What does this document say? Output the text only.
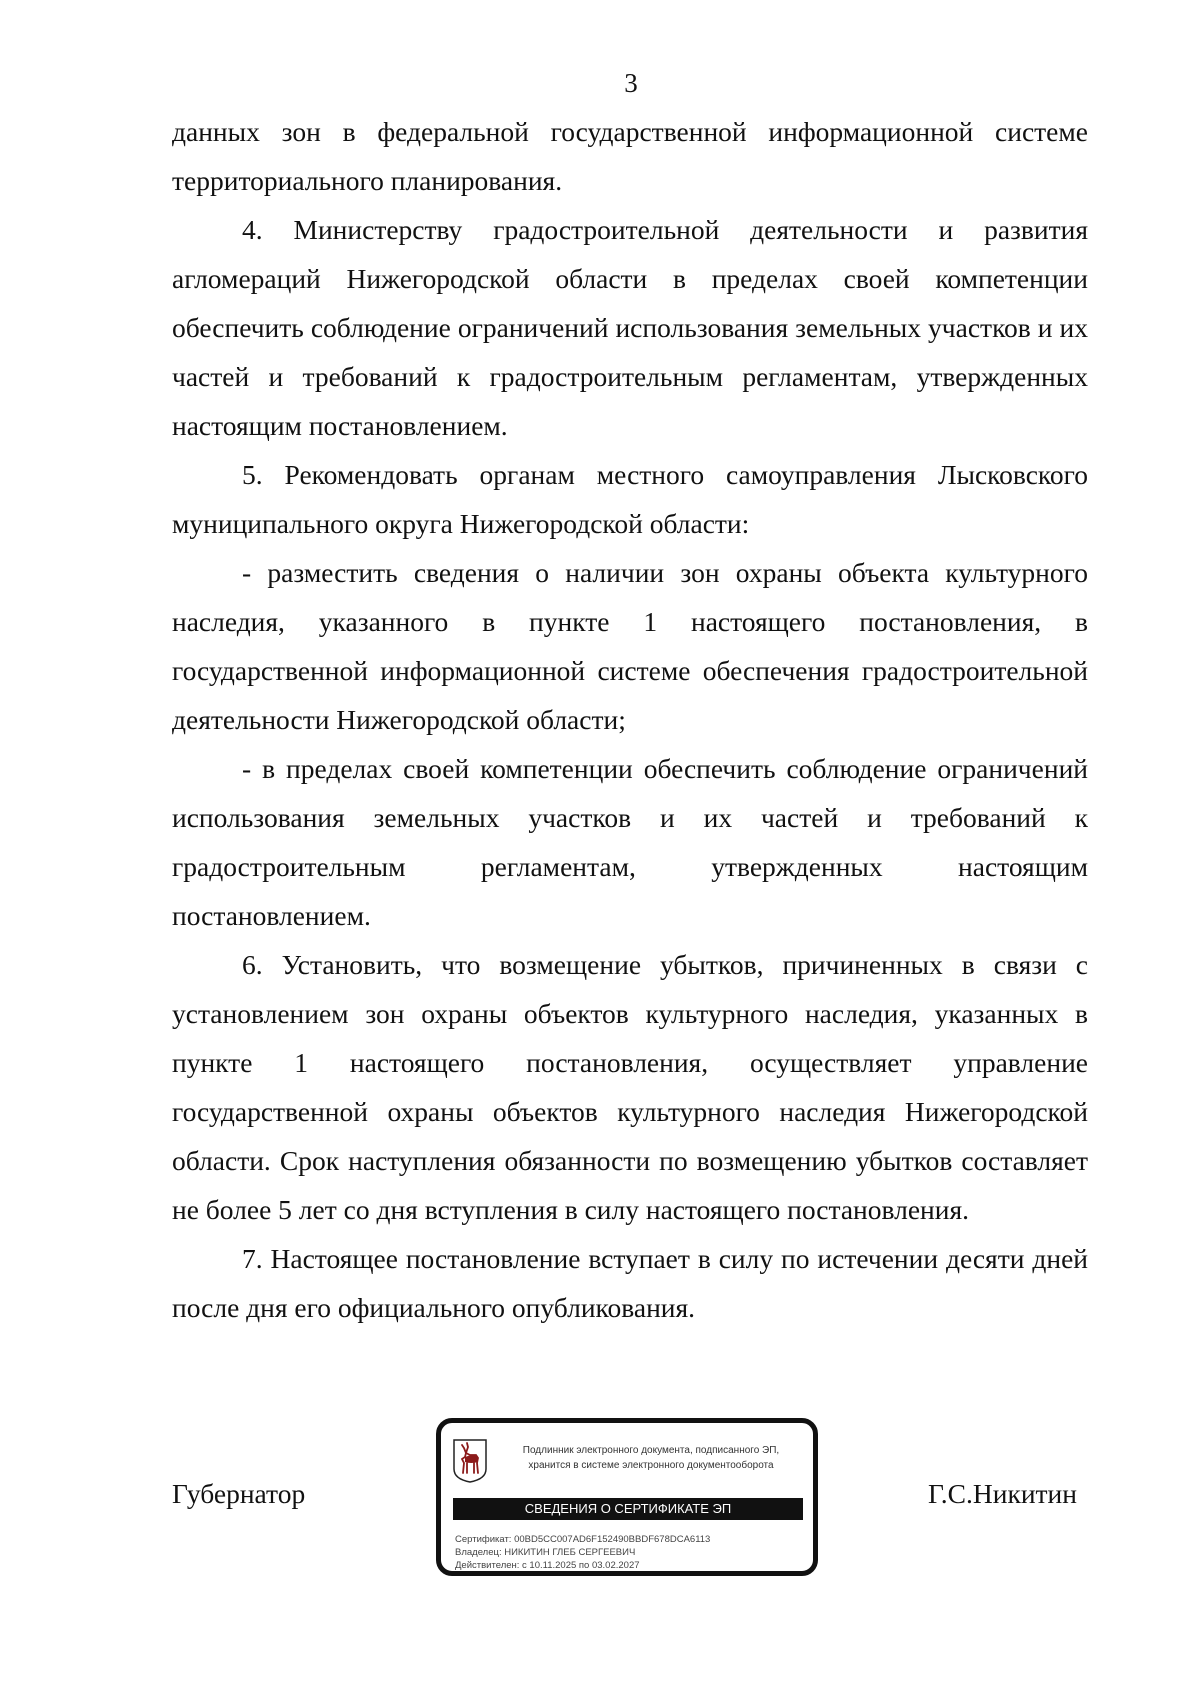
3

данных зон в федеральной государственной информационной системе территориального планирования.

4. Министерству градостроительной деятельности и развития агломераций Нижегородской области в пределах своей компетенции обеспечить соблюдение ограничений использования земельных участков и их частей и требований к градостроительным регламентам, утвержденных настоящим постановлением.

5. Рекомендовать органам местного самоуправления Лысковского муниципального округа Нижегородской области:

- разместить сведения о наличии зон охраны объекта культурного наследия, указанного в пункте 1 настоящего постановления, в государственной информационной системе обеспечения градостроительной деятельности Нижегородской области;

- в пределах своей компетенции обеспечить соблюдение ограничений использования земельных участков и их частей и требований к градостроительным регламентам, утвержденных настоящим постановлением.

6. Установить, что возмещение убытков, причиненных в связи с установлением зон охраны объектов культурного наследия, указанных в пункте 1 настоящего постановления, осуществляет управление государственной охраны объектов культурного наследия Нижегородской области. Срок наступления обязанности по возмещению убытков составляет не более 5 лет со дня вступления в силу настоящего постановления.

7. Настоящее постановление вступает в силу по истечении десяти дней после дня его официального опубликования.

Губернатор	Г.С.Никитин
Подлинник электронного документа, подписанного ЭП,
хранится в системе электронного документооборота
СВЕДЕНИЯ О СЕРТИФИКАТЕ ЭП
Сертификат: 00BD5CC007AD6F152490BBDF678DCA6113
Владелец: НИКИТИН ГЛЕБ СЕРГЕЕВИЧ
Действителен: с 10.11.2025 по 03.02.2027
